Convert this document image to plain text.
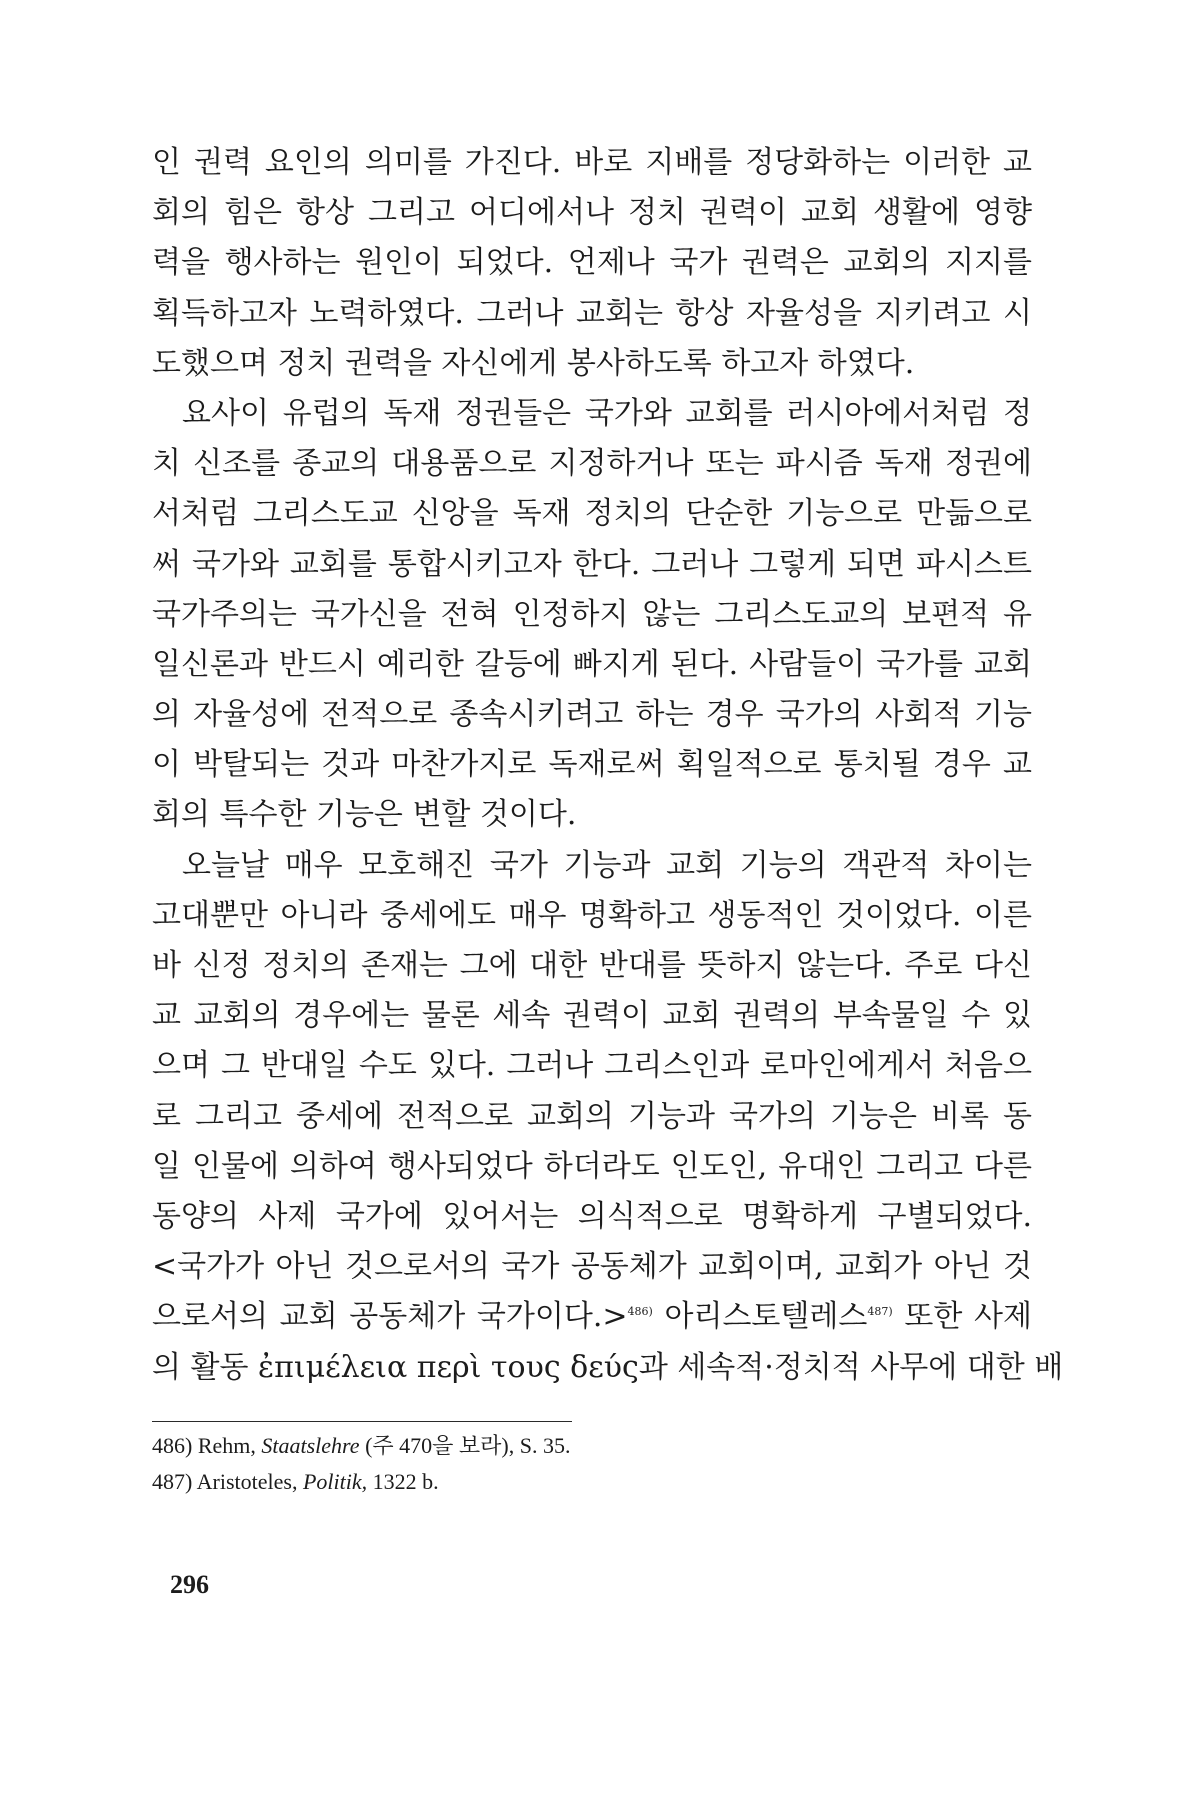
인 권력 요인의 의미를 가진다. 바로 지배를 정당화하는 이러한 교
회의 힘은 항상 그리고 어디에서나 정치 권력이 교회 생활에 영향
력을 행사하는 원인이 되었다. 언제나 국가 권력은 교회의 지지를
획득하고자 노력하였다. 그러나 교회는 항상 자율성을 지키려고 시
도했으며 정치 권력을 자신에게 봉사하도록 하고자 하였다.
요사이 유럽의 독재 정권들은 국가와 교회를 러시아에서처럼 정
치 신조를 종교의 대용품으로 지정하거나 또는 파시즘 독재 정권에
서처럼 그리스도교 신앙을 독재 정치의 단순한 기능으로 만듦으로
써 국가와 교회를 통합시키고자 한다. 그러나 그렇게 되면 파시스트
국가주의는 국가신을 전혀 인정하지 않는 그리스도교의 보편적 유
일신론과 반드시 예리한 갈등에 빠지게 된다. 사람들이 국가를 교회
의 자율성에 전적으로 종속시키려고 하는 경우 국가의 사회적 기능
이 박탈되는 것과 마찬가지로 독재로써 획일적으로 통치될 경우 교
회의 특수한 기능은 변할 것이다.
오늘날 매우 모호해진 국가 기능과 교회 기능의 객관적 차이는
고대뿐만 아니라 중세에도 매우 명확하고 생동적인 것이었다. 이른
바 신정 정치의 존재는 그에 대한 반대를 뜻하지 않는다. 주로 다신
교 교회의 경우에는 물론 세속 권력이 교회 권력의 부속물일 수 있
으며 그 반대일 수도 있다. 그러나 그리스인과 로마인에게서 처음으
로 그리고 중세에 전적으로 교회의 기능과 국가의 기능은 비록 동
일 인물에 의하여 행사되었다 하더라도 인도인, 유대인 그리고 다른
동양의 사제 국가에 있어서는 의식적으로 명확하게 구별되었다.
<국가가 아닌 것으로서의 국가 공동체가 교회이며, 교회가 아닌 것
으로서의 교회 공동체가 국가이다.>$^{486)}$ 아리스토텔레스$^{487)}$ 또한 사제
의 활동 ἐπιμέλεια περὶ τους δεύς과 세속적·정치적 사무에 대한 배
486) Rehm, Staatslehre (주 470을 보라), S. 35.
487) Aristoteles, Politik, 1322 b.
296
